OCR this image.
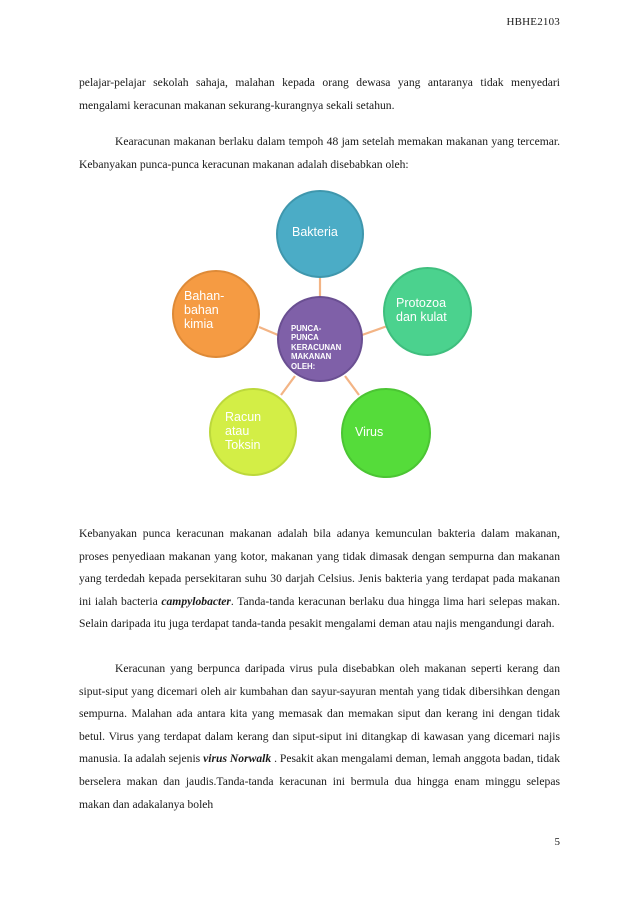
HBHE2103

pelajar-pelajar sekolah sahaja, malahan kepada orang dewasa yang antaranya tidak menyedari mengalami keracunan makanan sekurang-kurangnya sekali setahun.

Kearacunan makanan berlaku dalam tempoh 48 jam setelah memakan makanan yang tercemar. Kebanyakan punca-punca keracunan makanan adalah disebabkan oleh:

Bakteria
Protozoa
dan kulat
Virus
Racun
atau
Toksin
Bahan-
bahan
kimia	PUNCA-
PUNCA
KERACUNAN
MAKANAN
OLEH:

Kebanyakan punca keracunan makanan adalah bila adanya kemunculan bakteria dalam makanan, proses penyediaan makanan yang kotor, makanan yang tidak dimasak dengan sempurna dan makanan yang terdedah kepada persekitaran suhu 30 darjah Celsius. Jenis bakteria yang terdapat pada makanan ini ialah bacteria campylobacter. Tanda-tanda keracunan berlaku dua hingga lima hari selepas makan. Selain daripada itu juga terdapat tanda-tanda pesakit mengalami deman atau najis mengandungi darah.

Keracunan yang berpunca daripada virus pula disebabkan oleh makanan seperti kerang dan siput-siput yang dicemari oleh air kumbahan dan sayur-sayuran mentah yang tidak dibersihkan dengan sempurna. Malahan ada antara kita yang memasak dan memakan siput dan kerang ini dengan tidak betul. Virus yang terdapat dalam kerang dan siput-siput ini ditangkap di kawasan yang dicemari najis manusia. Ia adalah sejenis virus Norwalk . Pesakit akan mengalami deman, lemah anggota badan, tidak berselera makan dan jaudis.Tanda-tanda keracunan ini bermula dua hingga enam minggu selepas makan dan adakalanya boleh

5
